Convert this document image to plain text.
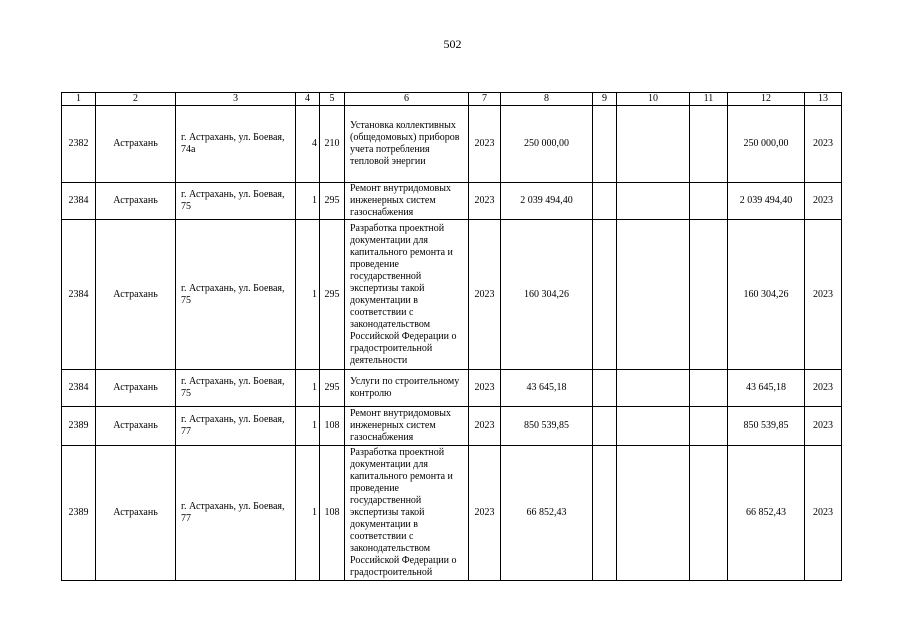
502
1	2	3	4	5	6	7	8	9	10	11	12	13
2382	Астрахань	г. Астрахань, ул. Боевая, 74а	4	210	Установка коллективных (общедомовых) приборов учета потребления тепловой энергии	2023	250 000,00				250 000,00	2023
2384	Астрахань	г. Астрахань, ул. Боевая, 75	1	295	Ремонт внутридомовых инженерных систем газоснабжения	2023	2 039 494,40				2 039 494,40	2023
2384	Астрахань	г. Астрахань, ул. Боевая, 75	1	295	Разработка проектной документации для капитального ремонта и проведение государственной экспертизы такой документации в соответствии с законодательством Российской Федерации о градостроительной деятельности	2023	160 304,26				160 304,26	2023
2384	Астрахань	г. Астрахань, ул. Боевая, 75	1	295	Услуги по строительному контролю	2023	43 645,18				43 645,18	2023
2389	Астрахань	г. Астрахань, ул. Боевая, 77	1	108	Ремонт внутридомовых инженерных систем газоснабжения	2023	850 539,85				850 539,85	2023
2389	Астрахань	г. Астрахань, ул. Боевая, 77	1	108	Разработка проектной документации для капитального ремонта и проведение государственной экспертизы такой документации в соответствии с законодательством Российской Федерации о градостроительной	2023	66 852,43				66 852,43	2023
